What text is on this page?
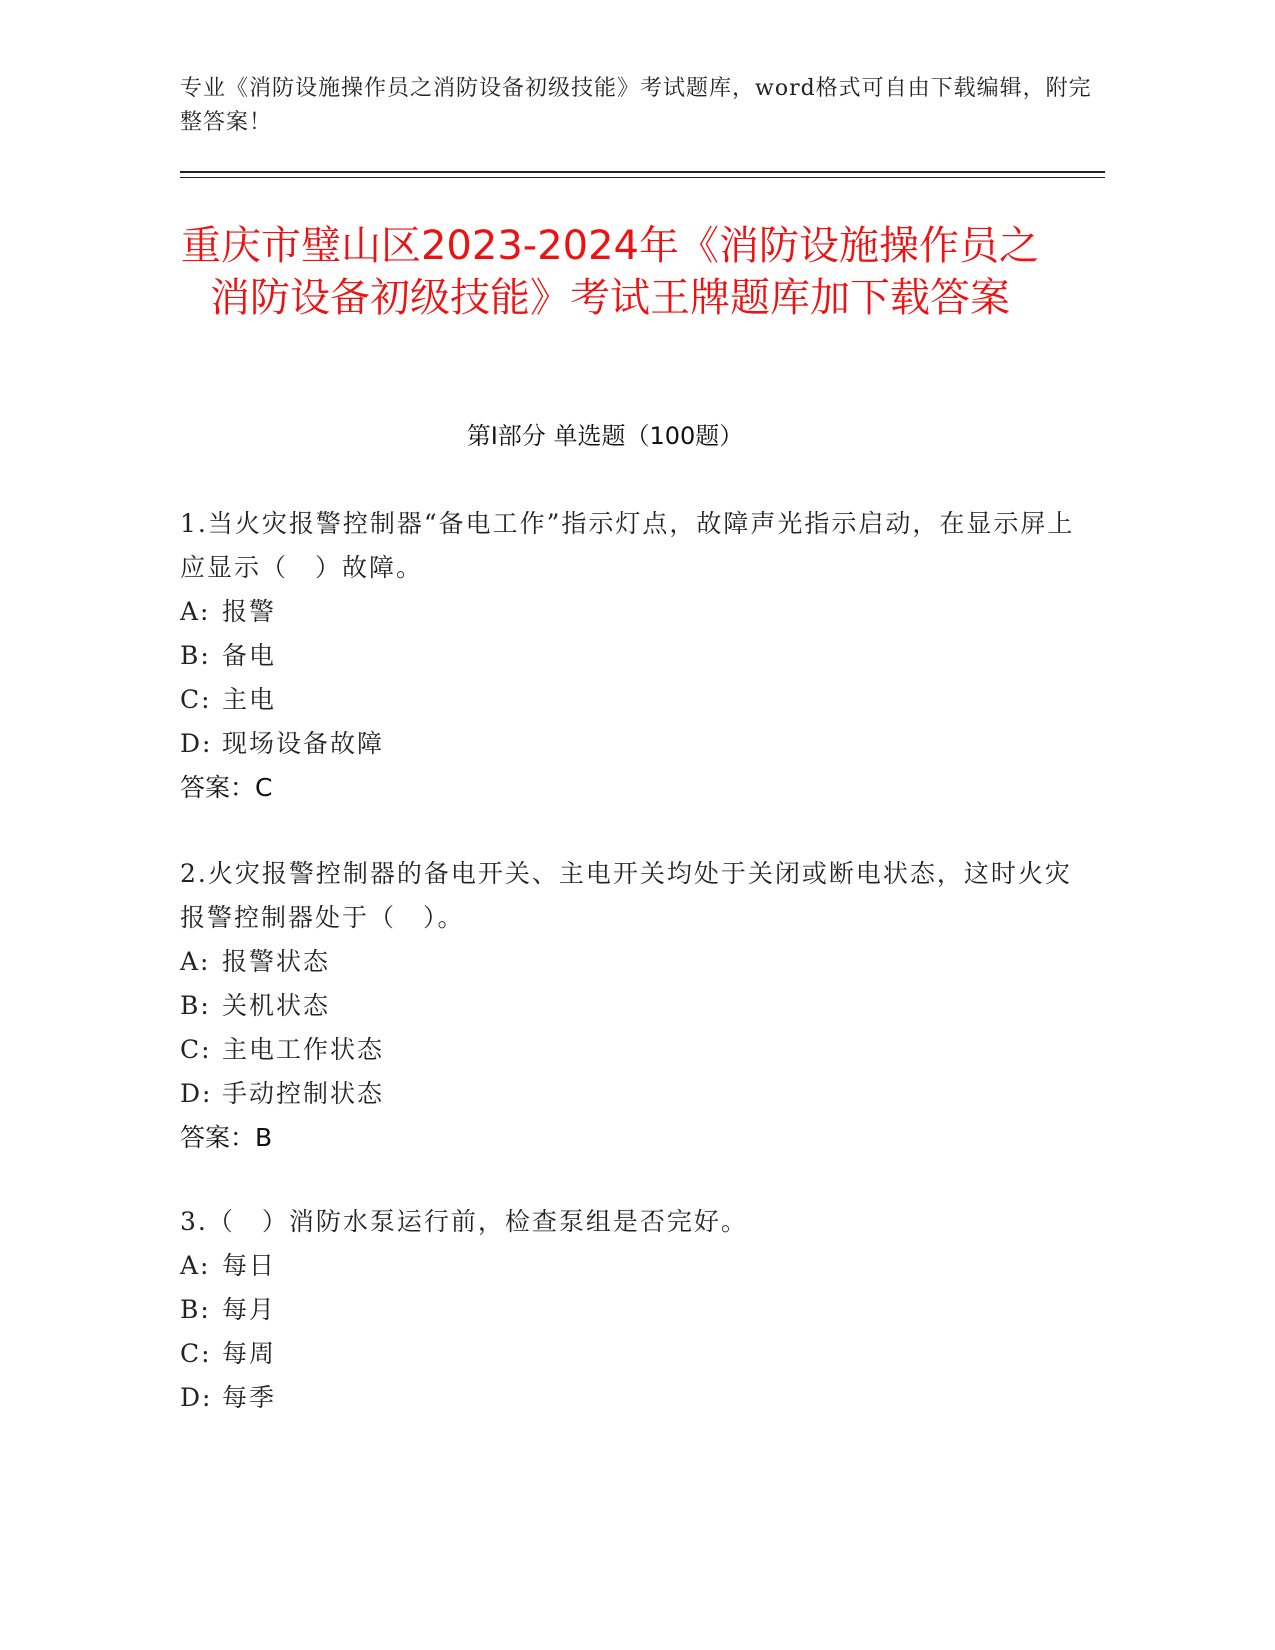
专业《消防设施操作员之消防设备初级技能》考试题库，word格式可自由下载编辑，附完整答案！
重庆市璧山区2023-2024年《消防设施操作员之消防设备初级技能》考试王牌题库加下载答案
第Ⅰ部分 单选题（100题）

1.当火灾报警控制器“备电工作”指示灯点，故障声光指示启动，在显示屏上应显示（　）故障。

A: 报警
B: 备电
C: 主电
D: 现场设备故障

答案：C

2.火灾报警控制器的备电开关、主电开关均处于关闭或断电状态，这时火灾报警控制器处于（　）。

A: 报警状态
B: 关机状态
C: 主电工作状态
D: 手动控制状态

答案：B

3.（　）消防水泵运行前，检查泵组是否完好。

A: 每日
B: 每月
C: 每周
D: 每季
